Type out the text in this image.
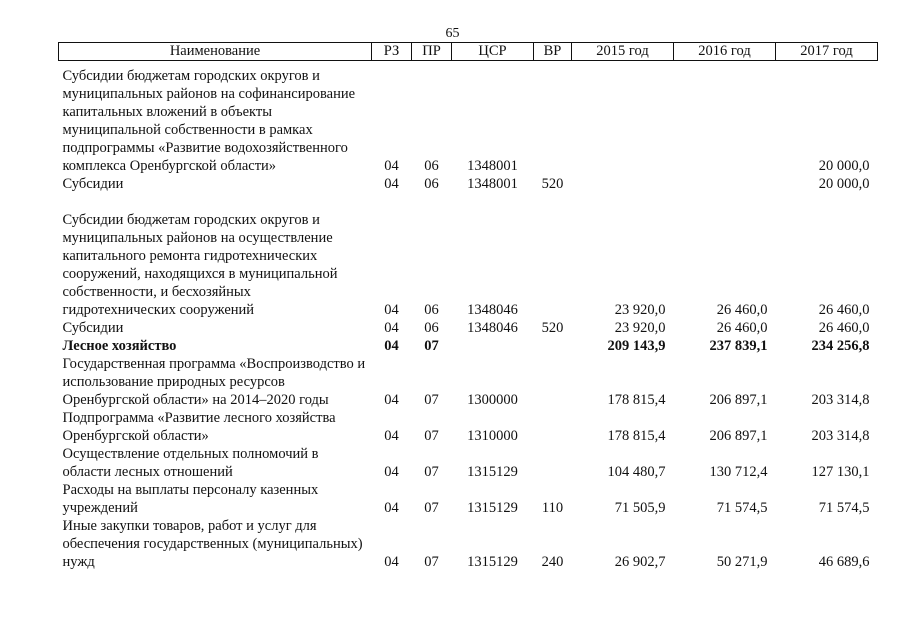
65
Наименование	РЗ	ПР	ЦСР	ВР	2015 год	2016 год	2017 год

Субсидии бюджетам городских округов и муниципальных районов на софинансирование капитальных вложений в объекты муниципальной собственности в рамках подпрограммы «Развитие водохозяйственного комплекса Оренбургской области»	04	06	1348001				20 000,0
Субсидии	04	06	1348001	520			20 000,0

Субсидии бюджетам городских округов и муниципальных районов на осуществление капитального ремонта гидротехнических сооружений, находящихся в муниципальной собственности, и бесхозяйных гидротехнических сооружений	04	06	1348046		23 920,0	26 460,0	26 460,0
Субсидии	04	06	1348046	520	23 920,0	26 460,0	26 460,0
Лесное хозяйство	04	07			209 143,9	237 839,1	234 256,8
Государственная программа «Воспроизводство и использование природных ресурсов Оренбургской области» на 2014–2020 годы	04	07	1300000		178 815,4	206 897,1	203 314,8
Подпрограмма «Развитие лесного хозяйства Оренбургской области»	04	07	1310000		178 815,4	206 897,1	203 314,8
Осуществление отдельных полномочий в области лесных отношений	04	07	1315129		104 480,7	130 712,4	127 130,1
Расходы на выплаты персоналу казенных учреждений	04	07	1315129	110	71 505,9	71 574,5	71 574,5
Иные закупки товаров, работ и услуг для обеспечения государственных (муниципальных) нужд	04	07	1315129	240	26 902,7	50 271,9	46 689,6
